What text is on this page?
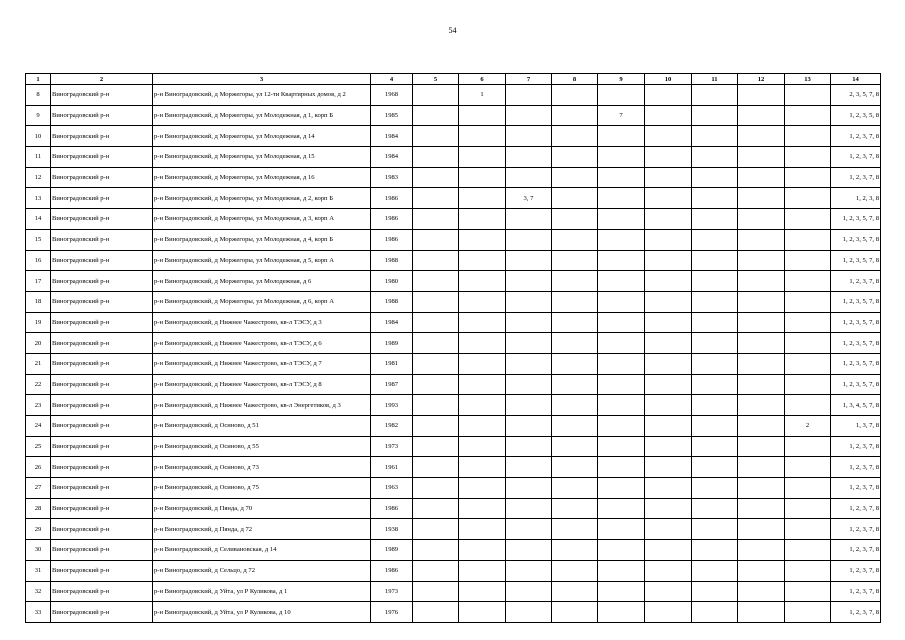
54
1	2	3	4	5	6	7	8	9	10	11	12	13	14
8	Виноградовский р-н	р-н Виноградовский, д Моржегоры, ул 12-ти Квартирных домов, д 2	1968		1								2, 3, 5, 7, 8
9	Виноградовский р-н	р-н Виноградовский, д Моржегоры, ул Молодежная, д 1, корп Б	1985					7					1, 2, 3, 5, 8
10	Виноградовский р-н	р-н Виноградовский, д Моржегоры, ул Молодежная, д 14	1984										1, 2, 3, 7, 8
11	Виноградовский р-н	р-н Виноградовский, д Моржегоры, ул Молодежная, д 15	1984										1, 2, 3, 7, 8
12	Виноградовский р-н	р-н Виноградовский, д Моржегоры, ул Молодежная, д 16	1983										1, 2, 3, 7, 8
13	Виноградовский р-н	р-н Виноградовский, д Моржегоры, ул Молодежная, д 2, корп Б	1986			3, 7							1, 2, 3, 8
14	Виноградовский р-н	р-н Виноградовский, д Моржегоры, ул Молодежная, д 3, корп А	1986										1, 2, 3, 5, 7, 8
15	Виноградовский р-н	р-н Виноградовский, д Моржегоры, ул Молодежная, д 4, корп Б	1986										1, 2, 3, 5, 7, 8
16	Виноградовский р-н	р-н Виноградовский, д Моржегоры, ул Молодежная, д 5, корп А	1988										1, 2, 3, 5, 7, 8
17	Виноградовский р-н	р-н Виноградовский, д Моржегоры, ул Молодежная, д 6	1980										1, 2, 3, 7, 8
18	Виноградовский р-н	р-н Виноградовский, д Моржегоры, ул Молодежная, д 6, корп А	1988										1, 2, 3, 5, 7, 8
19	Виноградовский р-н	р-н Виноградовский, д Нижнее Чажестрово, кв-л ТЭСУ, д 3	1984										1, 2, 3, 5, 7, 8
20	Виноградовский р-н	р-н Виноградовский, д Нижнее Чажестрово, кв-л ТЭСУ, д 6	1989										1, 2, 3, 5, 7, 8
21	Виноградовский р-н	р-н Виноградовский, д Нижнее Чажестрово, кв-л ТЭСУ, д 7	1981										1, 2, 3, 5, 7, 8
22	Виноградовский р-н	р-н Виноградовский, д Нижнее Чажестрово, кв-л ТЭСУ, д 8	1987										1, 2, 3, 5, 7, 8
23	Виноградовский р-н	р-н Виноградовский, д Нижнее Чажестрово, кв-л Энергетиков, д 3	1993										1, 3, 4, 5, 7, 8
24	Виноградовский р-н	р-н Виноградовский, д Осиново, д 51	1982									2	1, 3, 7, 8
25	Виноградовский р-н	р-н Виноградовский, д Осиново, д 55	1973										1, 2, 3, 7, 8
26	Виноградовский р-н	р-н Виноградовский, д Осиново, д 73	1961										1, 2, 3, 7, 8
27	Виноградовский р-н	р-н Виноградовский, д Осиново, д 75	1963										1, 2, 3, 7, 8
28	Виноградовский р-н	р-н Виноградовский, д Пянда, д 70	1986										1, 2, 3, 7, 8
29	Виноградовский р-н	р-н Виноградовский, д Пянда, д 72	1938										1, 2, 3, 7, 8
30	Виноградовский р-н	р-н Виноградовский, д Селивановская, д 14	1989										1, 2, 3, 7, 8
31	Виноградовский р-н	р-н Виноградовский, д Сельцо, д 72	1986										1, 2, 3, 7, 8
32	Виноградовский р-н	р-н Виноградовский, д Уйта, ул Р Куликова, д 1	1973										1, 2, 3, 7, 8
33	Виноградовский р-н	р-н Виноградовский, д Уйта, ул Р Куликова, д 10	1976										1, 2, 3, 7, 8
